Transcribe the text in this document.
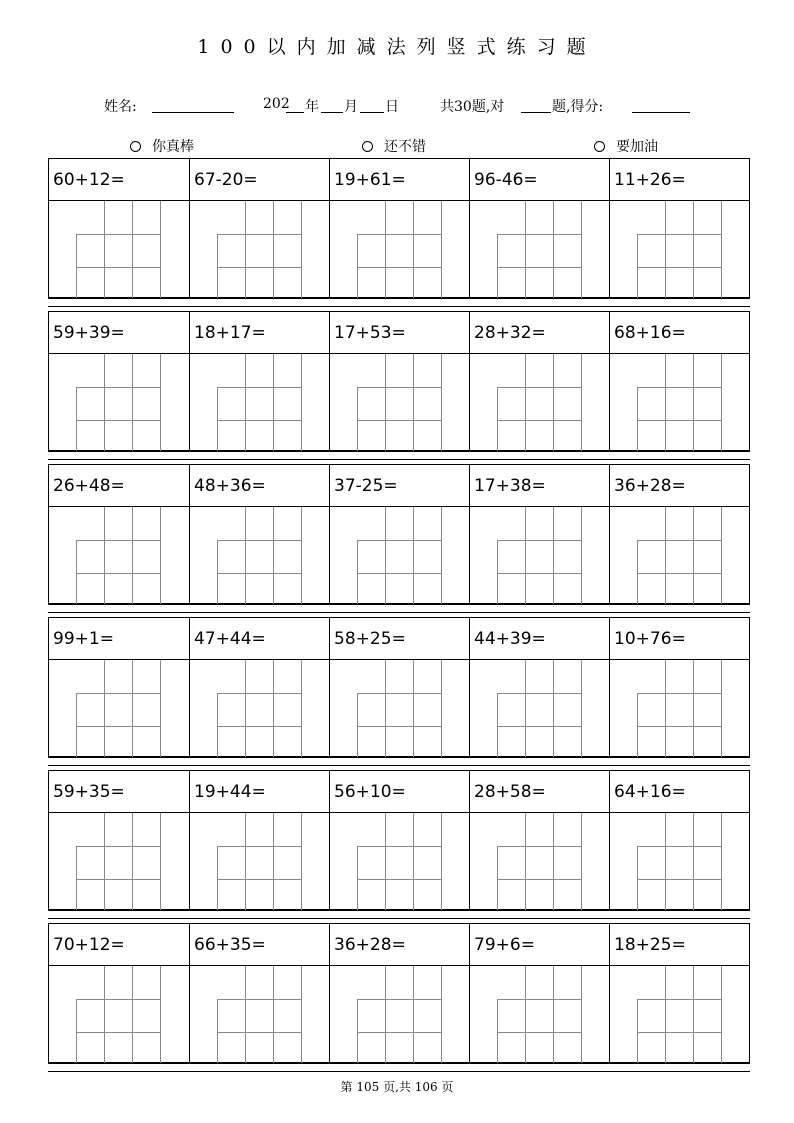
100以内加减法列竖式练习题
姓名:	202 年 月 日	共30题,对	题,得分:
你真棒	还不错	要加油
60+12=	67-20=	19+61=	96-46=	11+26=
59+39=	18+17=	17+53=	28+32=	68+16=
26+48=	48+36=	37-25=	17+38=	36+28=
99+1=	47+44=	58+25=	44+39=	10+76=
59+35=	19+44=	56+10=	28+58=	64+16=
70+12=	66+35=	36+28=	79+6=	18+25=
第 105 页,共 106 页
